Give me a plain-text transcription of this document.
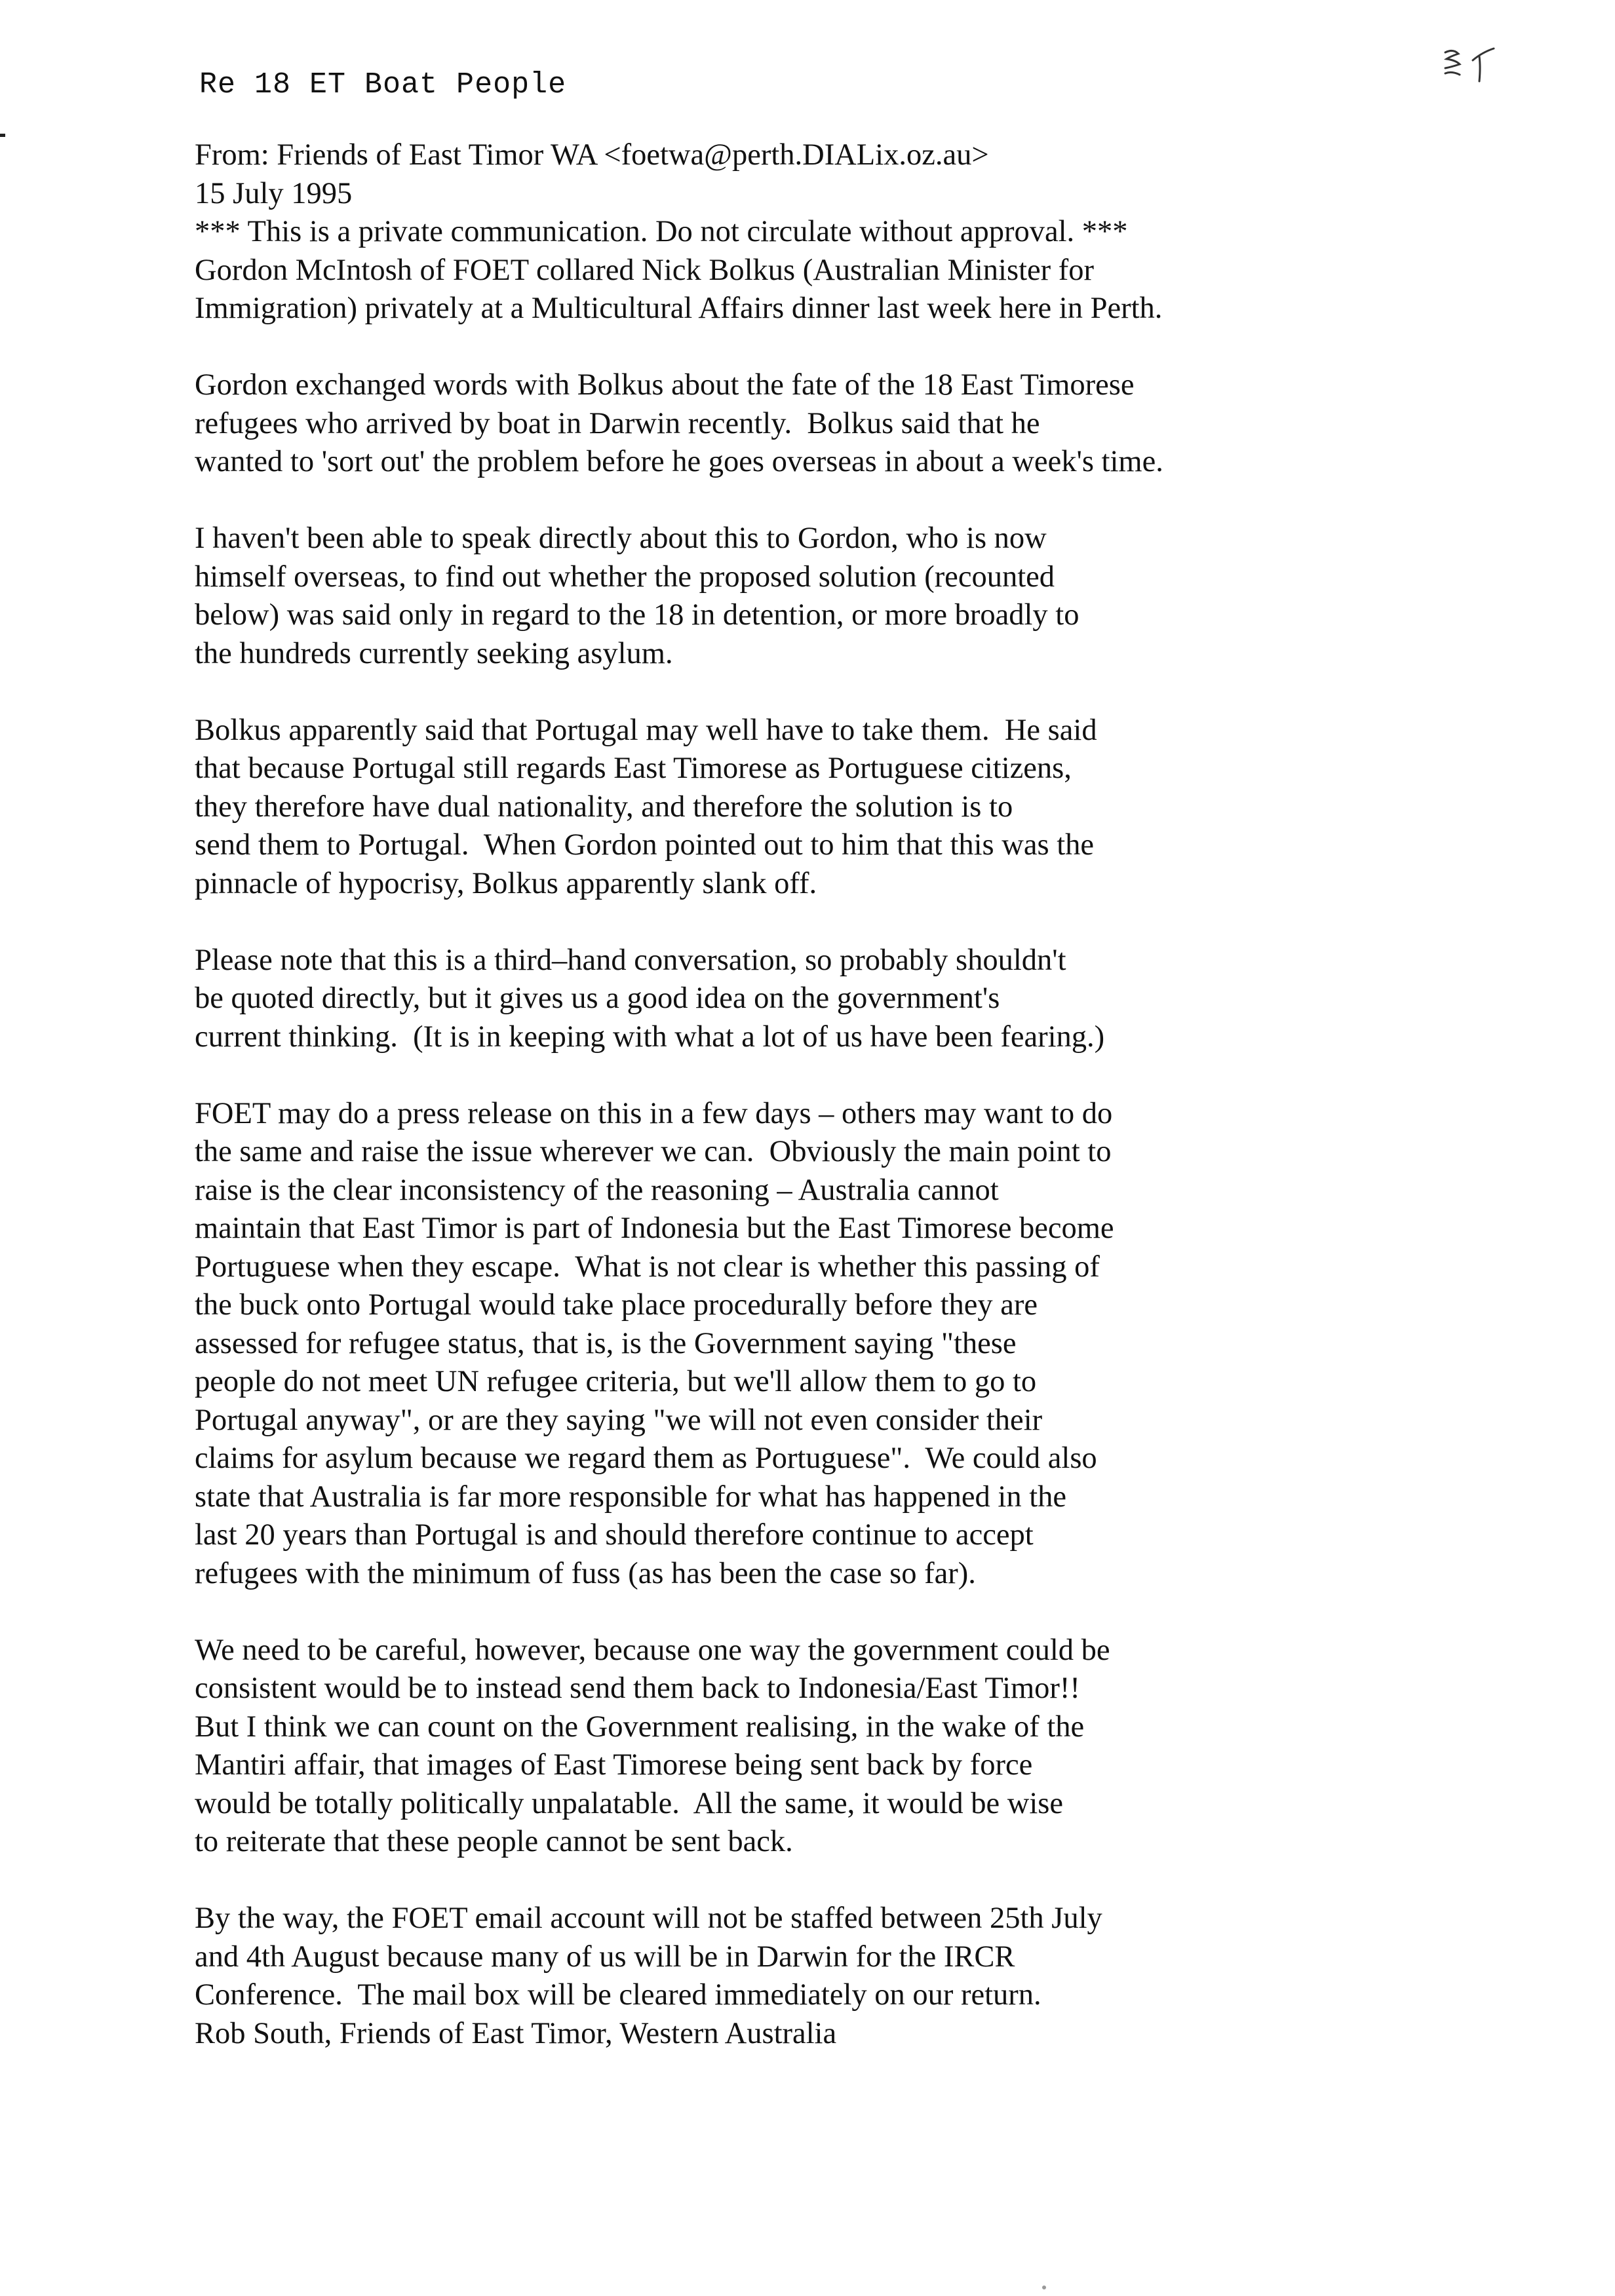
Re 18 ET Boat People
From: Friends of East Timor WA <foetwa@perth.DIALix.oz.au>
15 July 1995
*** This is a private communication. Do not circulate without approval. ***
Gordon McIntosh of FOET collared Nick Bolkus (Australian Minister for
Immigration) privately at a Multicultural Affairs dinner last week here in Perth.
Gordon exchanged words with Bolkus about the fate of the 18 East Timorese
refugees who arrived by boat in Darwin recently.  Bolkus said that he
wanted to 'sort out' the problem before he goes overseas in about a week's time.
I haven't been able to speak directly about this to Gordon, who is now
himself overseas, to find out whether the proposed solution (recounted
below) was said only in regard to the 18 in detention, or more broadly to
the hundreds currently seeking asylum.
Bolkus apparently said that Portugal may well have to take them.  He said
that because Portugal still regards East Timorese as Portuguese citizens,
they therefore have dual nationality, and therefore the solution is to
send them to Portugal.  When Gordon pointed out to him that this was the
pinnacle of hypocrisy, Bolkus apparently slank off.
Please note that this is a third–hand conversation, so probably shouldn't
be quoted directly, but it gives us a good idea on the government's
current thinking.  (It is in keeping with what a lot of us have been fearing.)
FOET may do a press release on this in a few days – others may want to do
the same and raise the issue wherever we can.  Obviously the main point to
raise is the clear inconsistency of the reasoning – Australia cannot
maintain that East Timor is part of Indonesia but the East Timorese become
Portuguese when they escape.  What is not clear is whether this passing of
the buck onto Portugal would take place procedurally before they are
assessed for refugee status, that is, is the Government saying "these
people do not meet UN refugee criteria, but we'll allow them to go to
Portugal anyway", or are they saying "we will not even consider their
claims for asylum because we regard them as Portuguese".  We could also
state that Australia is far more responsible for what has happened in the
last 20 years than Portugal is and should therefore continue to accept
refugees with the minimum of fuss (as has been the case so far).
We need to be careful, however, because one way the government could be
consistent would be to instead send them back to Indonesia/East Timor!!
But I think we can count on the Government realising, in the wake of the
Mantiri affair, that images of East Timorese being sent back by force
would be totally politically unpalatable.  All the same, it would be wise
to reiterate that these people cannot be sent back.
By the way, the FOET email account will not be staffed between 25th July
and 4th August because many of us will be in Darwin for the IRCR
Conference.  The mail box will be cleared immediately on our return.
Rob South, Friends of East Timor, Western Australia
